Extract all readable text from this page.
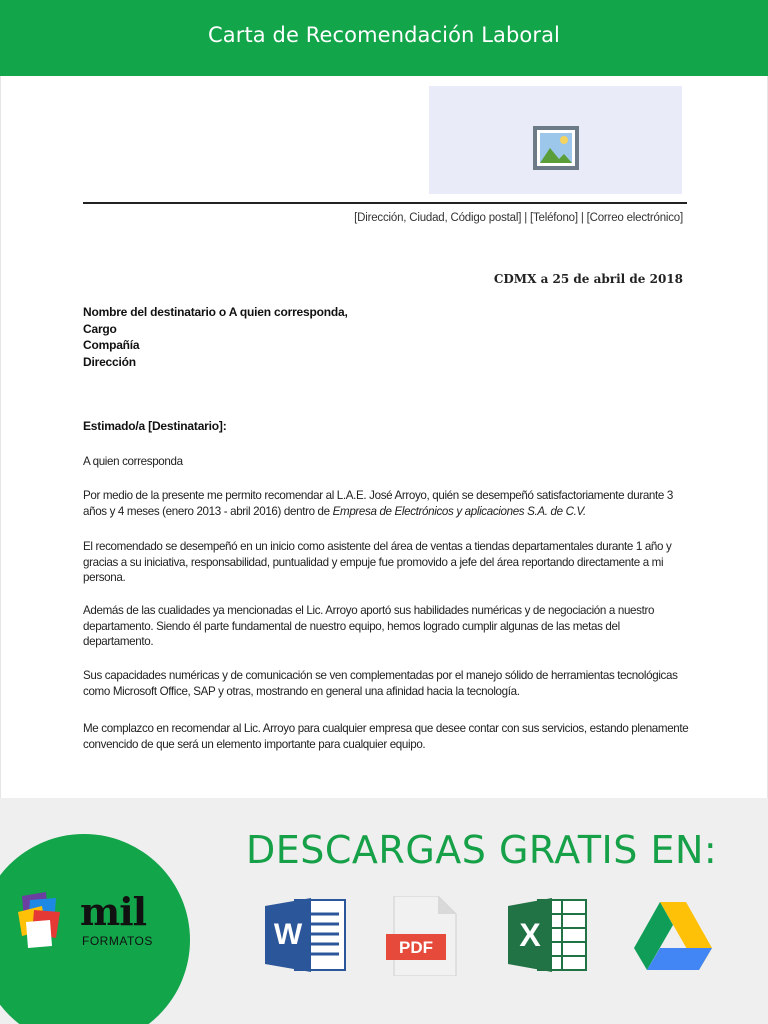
Carta de Recomendación Laboral
[Dirección, Ciudad, Código postal] | [Teléfono] | [Correo electrónico]
CDMX a 25 de abril de 2018
Nombre del destinatario o A quien corresponda,
Cargo
Compañía
Dirección
Estimado/a [Destinatario]:

A quien corresponda

Por medio de la presente me permito recomendar al L.A.E. José Arroyo, quién se desempeñó satisfactoriamente durante 3 años y 4 meses (enero 2013 - abril 2016) dentro de Empresa de Electrónicos y aplicaciones S.A. de C.V.

El recomendado se desempeñó en un inicio como asistente del área de ventas a tiendas departamentales durante 1 año y gracias a su iniciativa, responsabilidad, puntualidad y empuje fue promovido a jefe del área reportando directamente a mi persona.

Además de las cualidades ya mencionadas el Lic. Arroyo aportó sus habilidades numéricas y de negociación a nuestro departamento. Siendo él parte fundamental de nuestro equipo, hemos logrado cumplir algunas de las metas del departamento.

Sus capacidades numéricas y de comunicación se ven complementadas por el manejo sólido de herramientas tecnológicas como Microsoft Office, SAP y otras, mostrando en general una afinidad hacia la tecnología.

Me complazco en recomendar al Lic. Arroyo para cualquier empresa que desee contar con sus servicios, estando plenamente convencido de que será un elemento importante para cualquier equipo.

mil
FORMATOS
DESCARGAS GRATIS EN:
W	PDF	X
